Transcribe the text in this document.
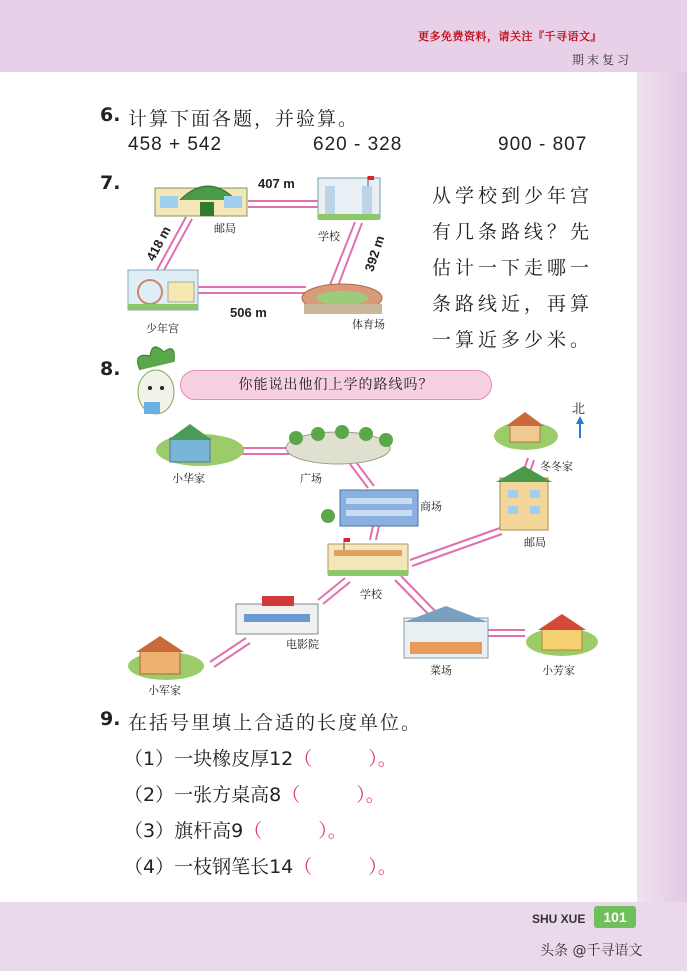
更多免费资料，请关注『千寻语文』
期末复习
6. 计算下面各题，并验算。
458 + 542	620 - 328	900 - 807
7.	407 m
418 m	392 m
506 m
邮局
学校
少年宫	体育场
从学校到少年宫有几条路线？先估计一下走哪一条路线近，再算一算近多少米。
8.
你能说出他们上学的路线吗？
北
小华家	广场
商场
冬冬家
邮局
学校
电影院
小军家
菜场	小芳家
9. 在括号里填上合适的长度单位。
（1）一块橡皮厚12（	）。
（2）一张方桌高8（	）。
（3）旗杆高9（	）。
（4）一枝钢笔长14（	）。
SHU XUE	101
头条 @千寻语文
